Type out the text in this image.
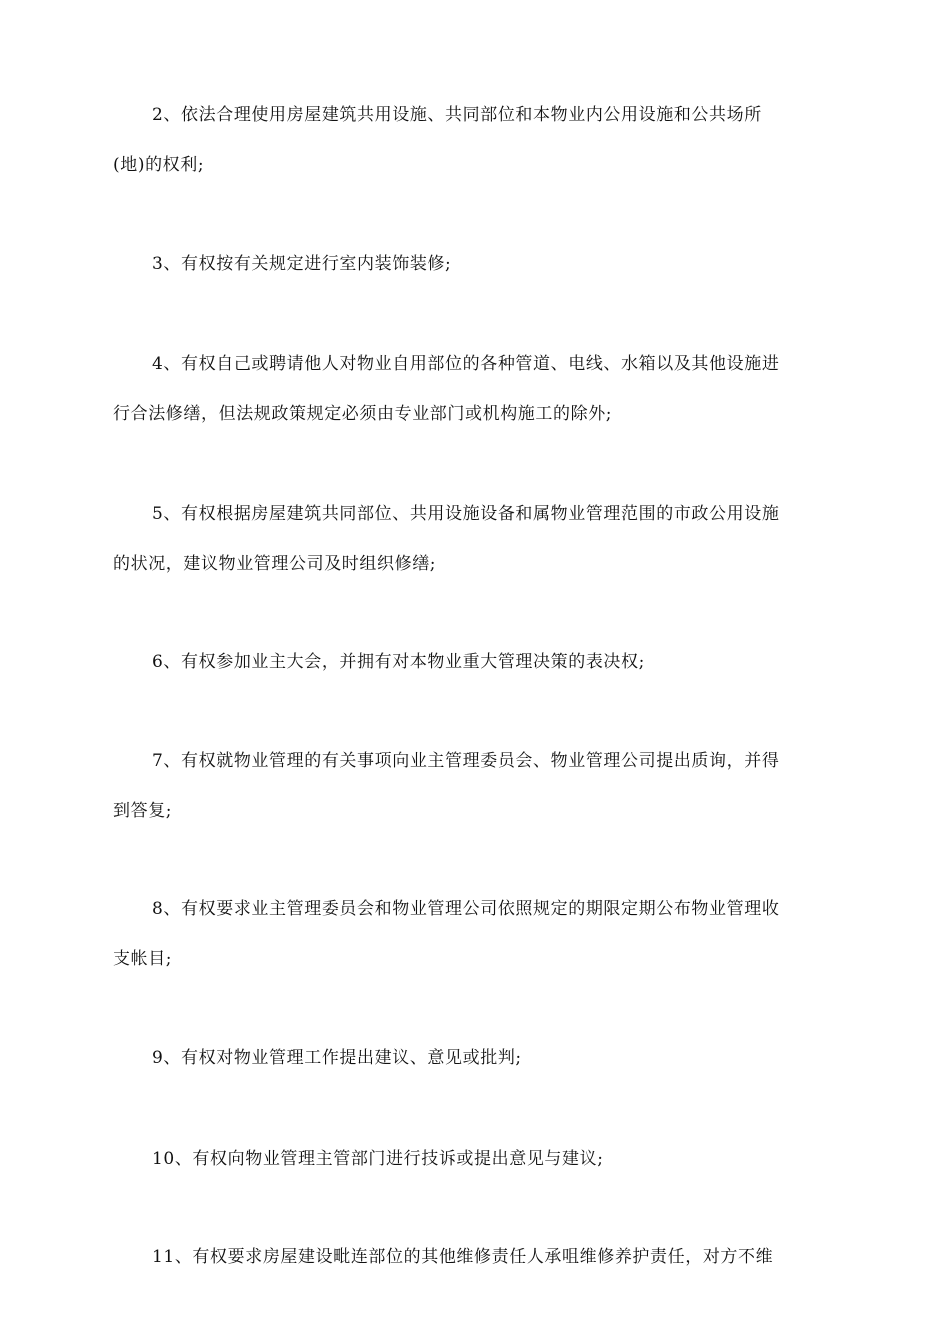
2、依法合理使用房屋建筑共用设施、共同部位和本物业内公用设施和公共场所
(地)的权利;
3、有权按有关规定进行室内装饰装修;
4、有权自己或聘请他人对物业自用部位的各种管道、电线、水箱以及其他设施进
行合法修缮，但法规政策规定必须由专业部门或机构施工的除外;
5、有权根据房屋建筑共同部位、共用设施设备和属物业管理范围的市政公用设施
的状况，建议物业管理公司及时组织修缮;
6、有权参加业主大会，并拥有对本物业重大管理决策的表决权;
7、有权就物业管理的有关事项向业主管理委员会、物业管理公司提出质询，并得
到答复;
8、有权要求业主管理委员会和物业管理公司依照规定的期限定期公布物业管理收
支帐目;
9、有权对物业管理工作提出建议、意见或批判;
10、有权向物业管理主管部门进行技诉或提出意见与建议;
11、有权要求房屋建设毗连部位的其他维修责任人承咀维修养护责任，对方不维
